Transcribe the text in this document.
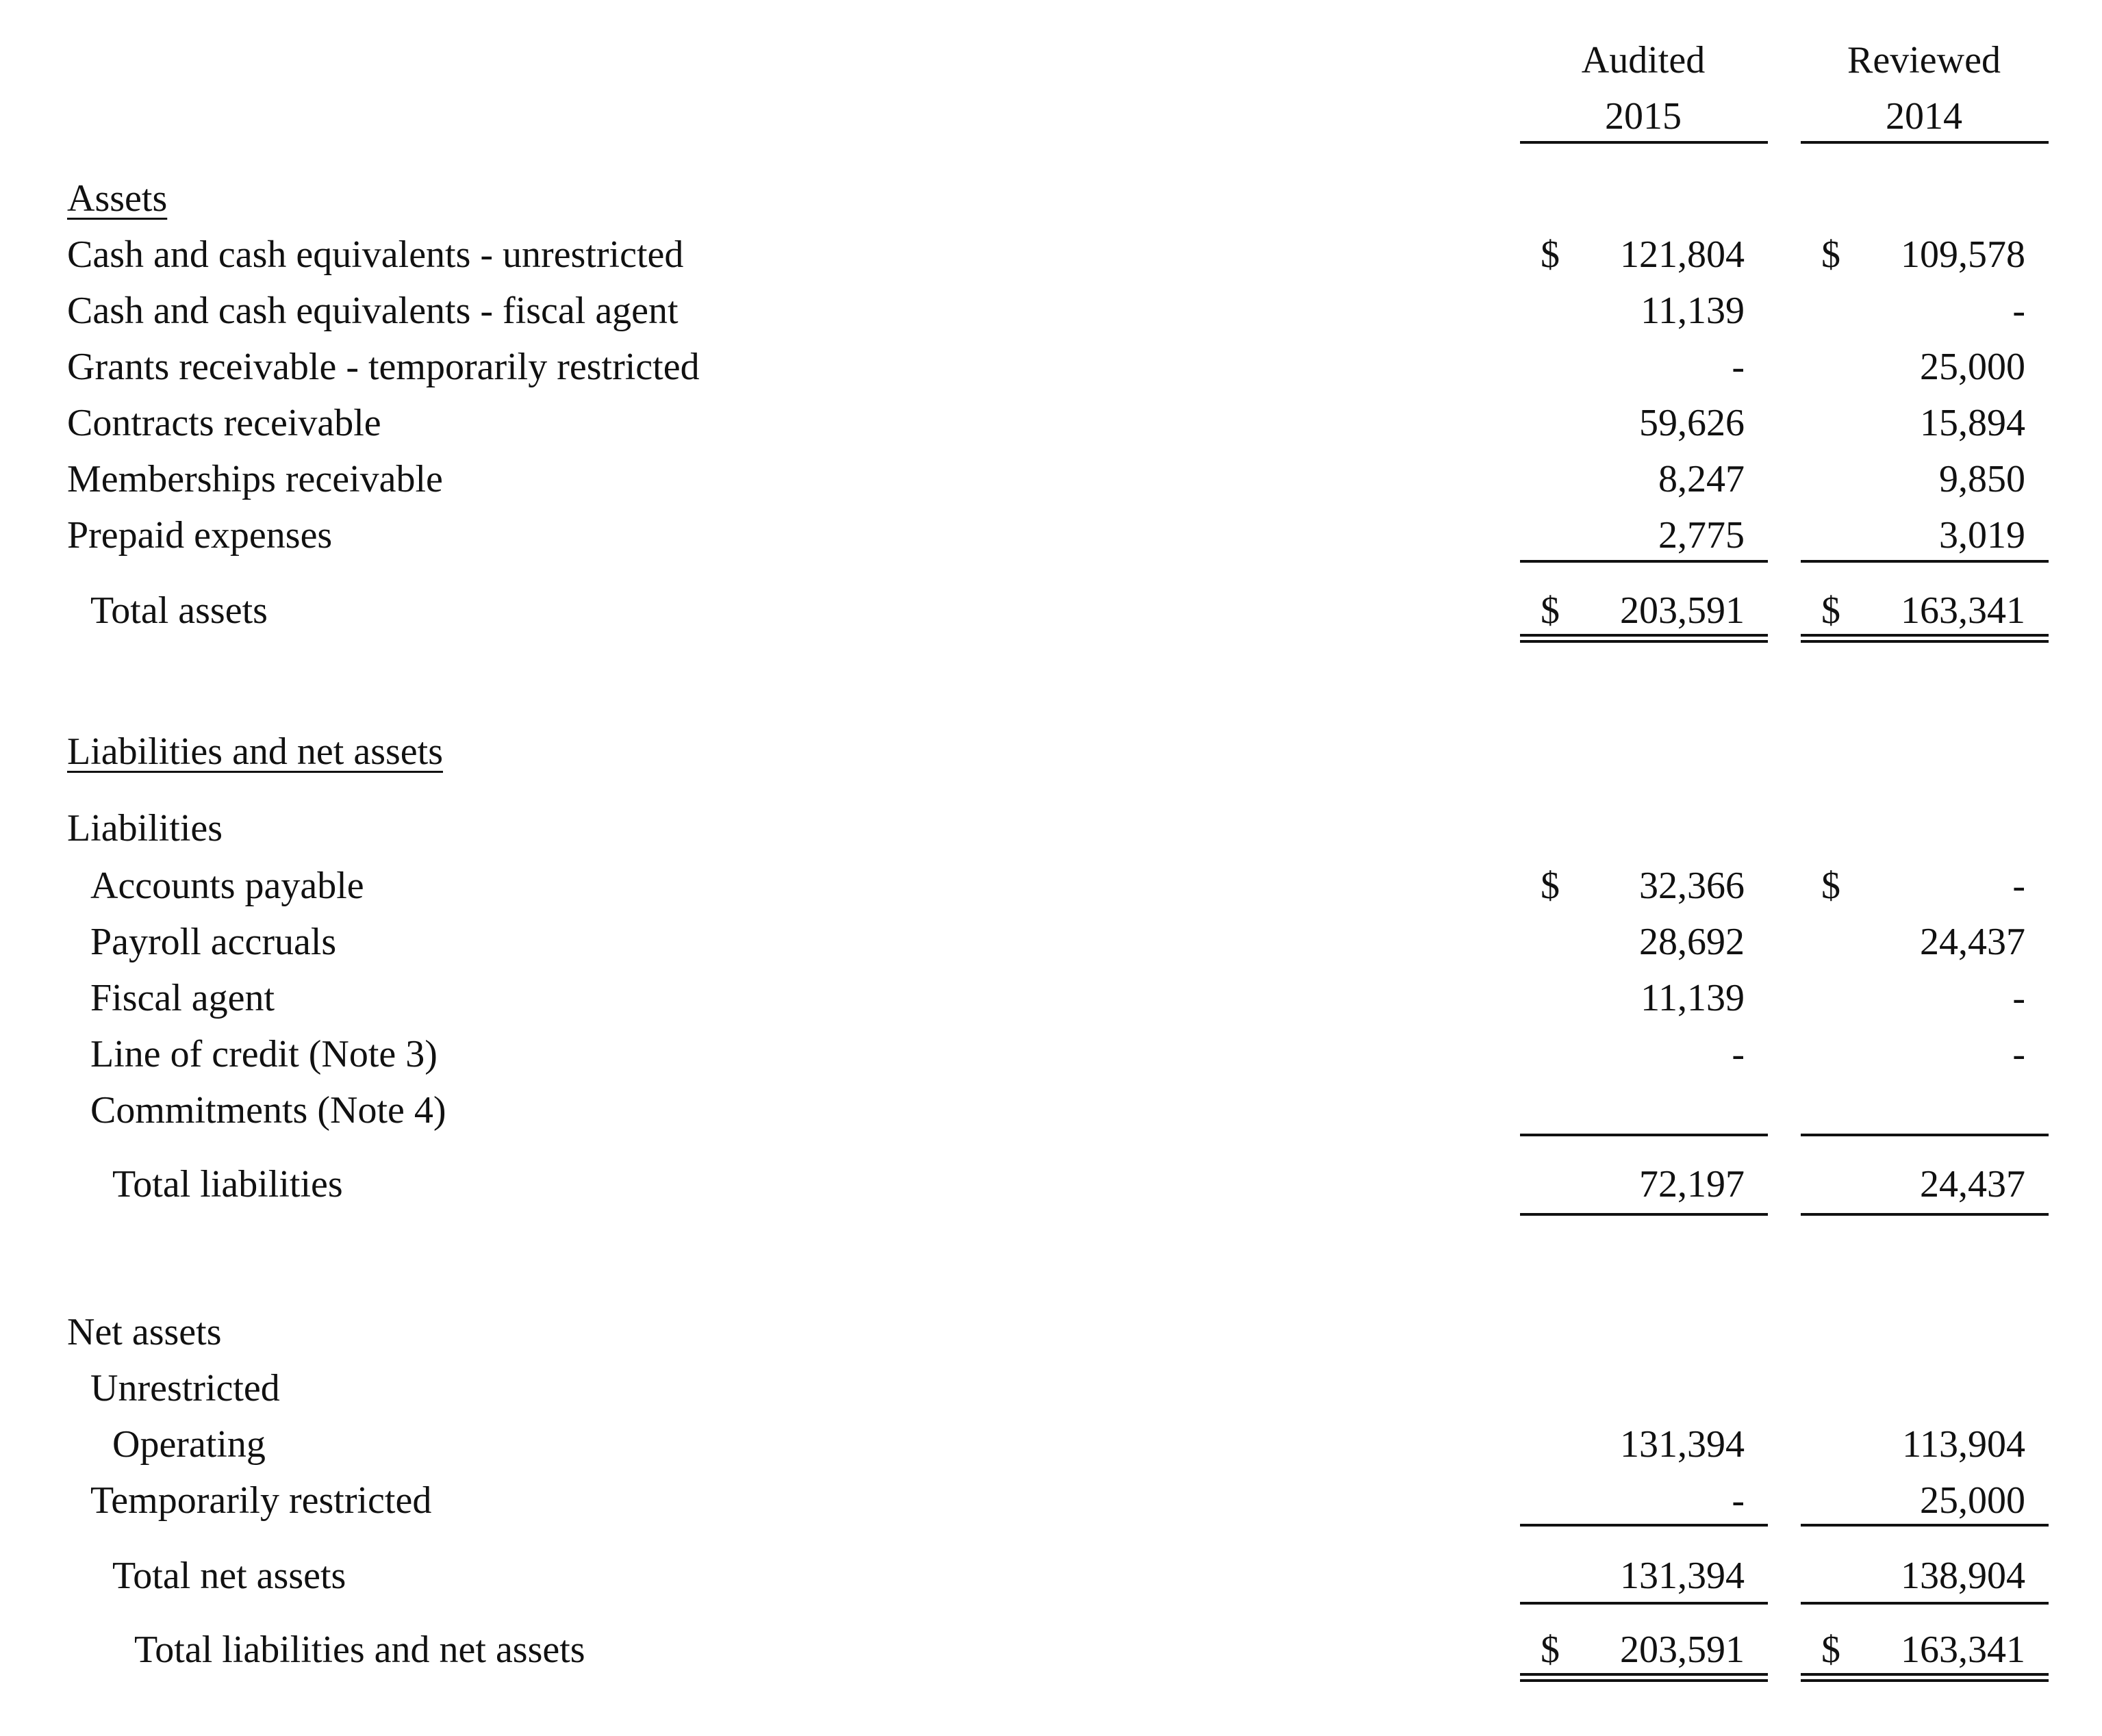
Audited
2015
Reviewed
2014
Assets
Cash and cash equivalents - unrestricted	$	121,804 $	109,578
Cash and cash equivalents - fiscal agent	11,139	-
Grants receivable - temporarily restricted	-	25,000
Contracts receivable	59,626	15,894
Memberships receivable	8,247	9,850
Prepaid expenses	2,775	3,019
Total assets	$	203,591 $	163,341
Liabilities and net assets
Liabilities
Accounts payable	$	32,366 $	-
Payroll accruals	28,692	24,437
Fiscal agent	11,139	-
Line of credit (Note 3)	-	-
Commitments (Note 4)
Total liabilities	72,197	24,437
Net assets
Unrestricted
Operating	131,394	113,904
Temporarily restricted	-	25,000
Total net assets	131,394	138,904
Total liabilities and net assets	$	203,591 $	163,341
